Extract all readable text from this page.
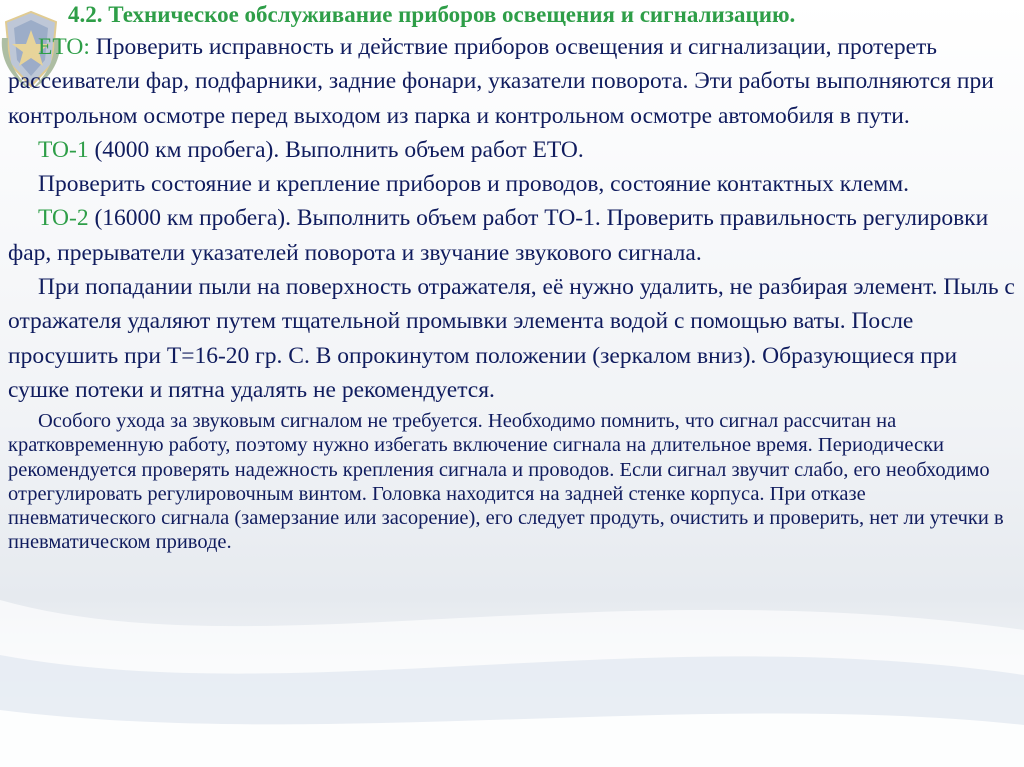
4.2. Техническое обслуживание приборов освещения и сигнализацию.

ЕТО: Проверить исправность и действие приборов освещения и сигнализации, протереть рассеиватели фар, подфарники, задние фонари, указатели поворота. Эти работы выполняются при контрольном осмотре перед выходом из парка и контрольном осмотре автомобиля в пути.

ТО-1 (4000 км пробега). Выполнить объем работ ЕТО.

Проверить состояние и крепление приборов и проводов, состояние контактных клемм.

ТО-2 (16000 км пробега). Выполнить объем работ ТО-1. Проверить правильность регулировки фар, прерыватели указателей поворота и звучание звукового сигнала.

При попадании пыли на поверхность отражателя, её нужно удалить, не разбирая элемент. Пыль с отражателя удаляют путем тщательной промывки элемента водой с помощью ваты. После просушить при Т=16-20 гр. С. В опрокинутом положении (зеркалом вниз). Образующиеся при сушке потеки и пятна удалять не рекомендуется.

Особого ухода за звуковым сигналом не требуется. Необходимо помнить, что сигнал рассчитан на кратковременную работу, поэтому нужно избегать включение сигнала на длительное время. Периодически рекомендуется проверять надежность крепления сигнала и проводов. Если сигнал звучит слабо, его необходимо отрегулировать регулировочным винтом. Головка находится на задней стенке корпуса. При отказе пневматического сигнала (замерзание или засорение), его следует продуть, очистить и проверить, нет ли утечки в пневматическом приводе.
